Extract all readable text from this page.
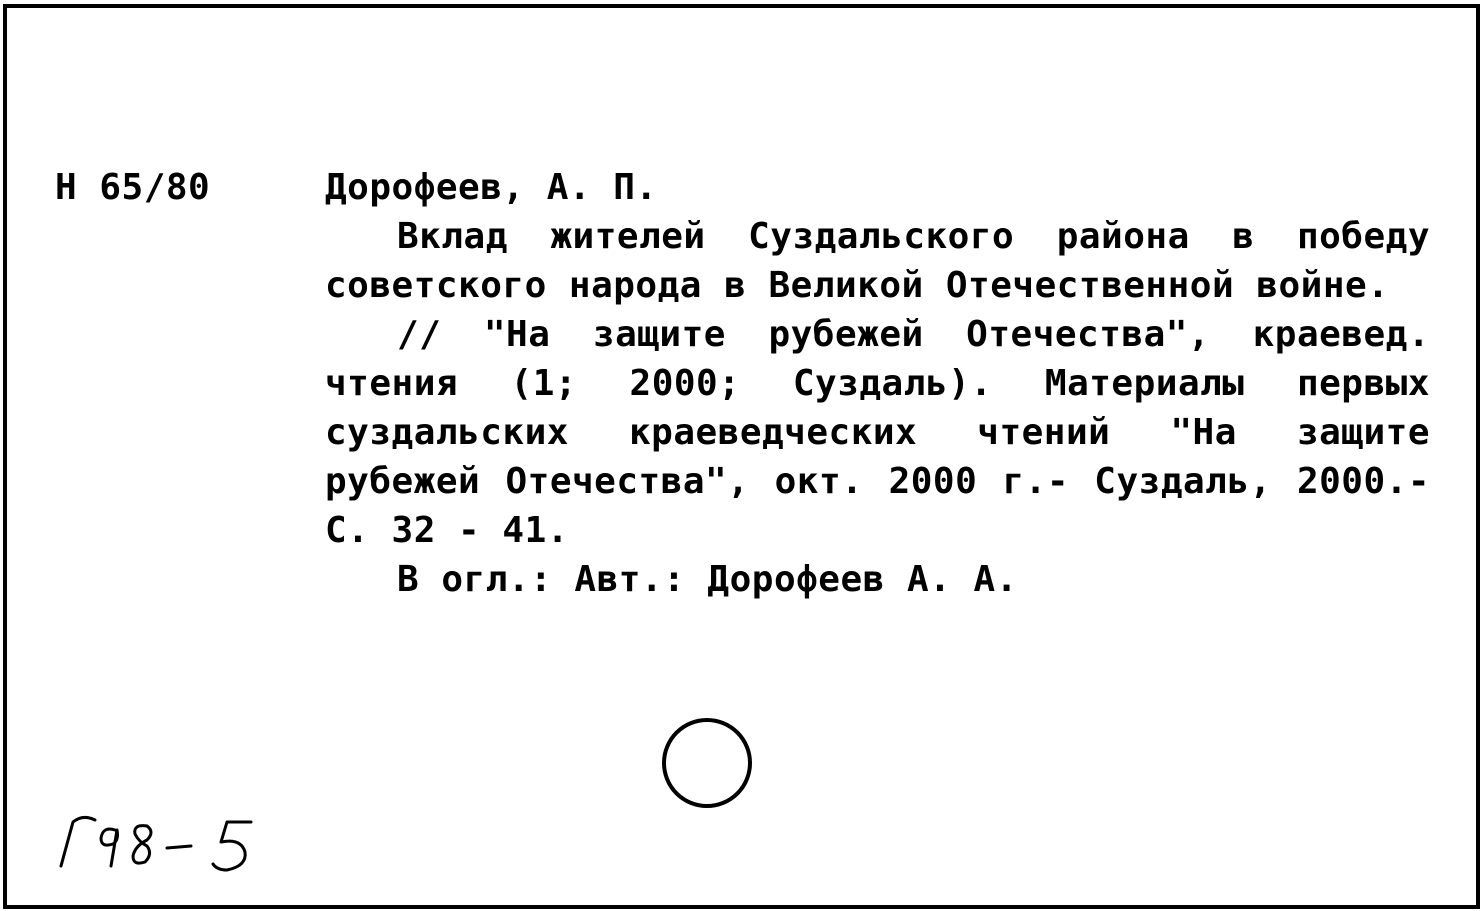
Н 65/80	Дорофеев, А. П.

Вклад жителей Суздальского района в победу советского народа в Великой Отечественной войне.

// "На защите рубежей Отечества", краевед. чтения (1; 2000; Суздаль). Материалы первых суздальских краеведческих чтений "На защите рубежей Отечества", окт. 2000 г.- Суздаль, 2000.-С. 32 - 41.

В огл.: Авт.: Дорофеев А. А.
